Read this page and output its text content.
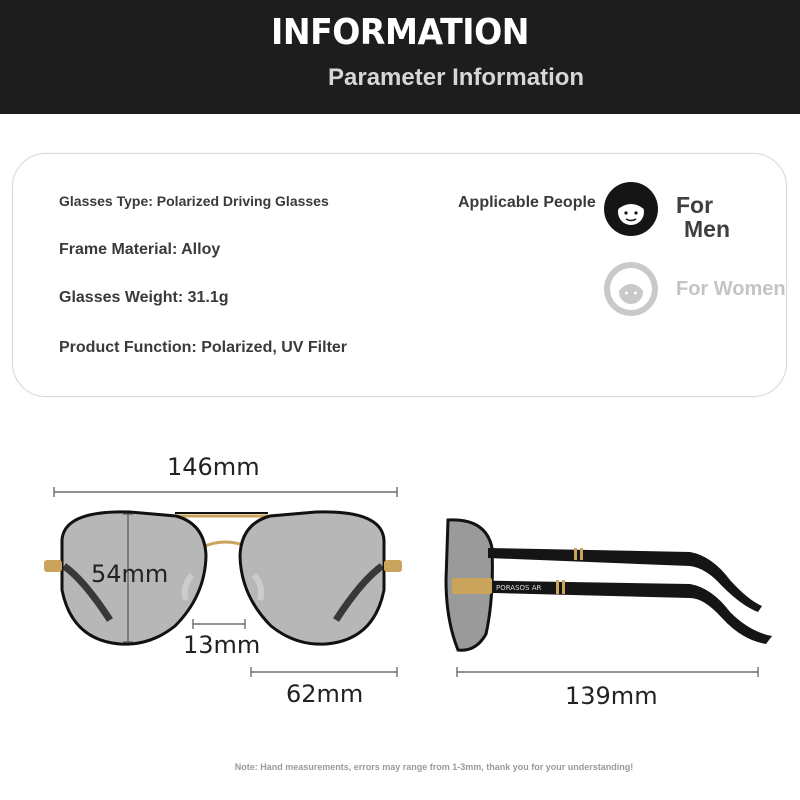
INFORMATION
Parameter Information
Glasses Type: Polarized Driving Glasses
Frame Material: Alloy
Glasses Weight: 31.1g
Product Function: Polarized, UV Filter
Applicable People	For
Men
For Women
PORASOS AR
146mm
54mm
13mm
62mm	139mm
Note: Hand measurements, errors may range from 1-3mm, thank you for your understanding!
